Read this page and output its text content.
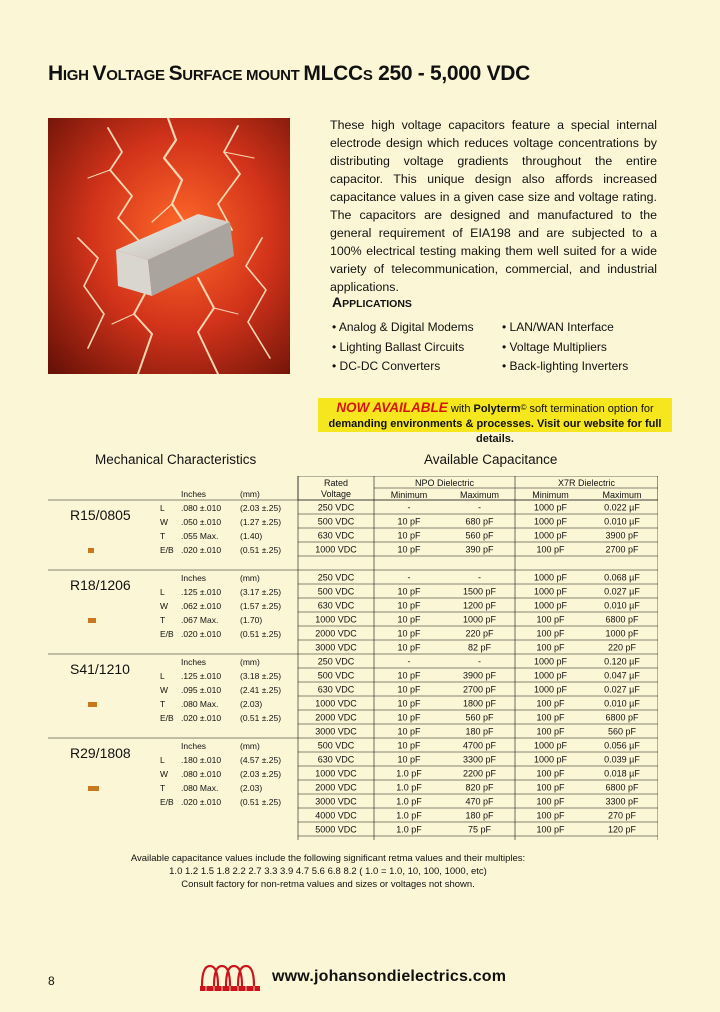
HIGH VOLTAGE SURFACE MOUNT MLCCS 250 - 5,000 VDC
These high voltage capacitors feature a special internal electrode design which reduces voltage concentrations by distributing voltage gradients throughout the entire capacitor. This unique design also affords increased capacitance values in a given case size and voltage rating. The capacitors are designed and manufactured to the general requirement of EIA198 and are subjected to a 100% electrical testing making them well suited for a wide variety of telecommunication, commercial, and industrial applications.
APPLICATIONS
• Analog & Digital Modems
• Lighting Ballast Circuits
• DC-DC Converters
• LAN/WAN Interface
• Voltage Multipliers
• Back-lighting Inverters
NOW AVAILABLE with Polyterm© soft termination option for
demanding environments & processes. Visit our website for full details.
Mechanical Characteristics	Available Capacitance
Rated
Voltage
NPO Dielectric	X7R Dielectric
Minimum	Maximum	Minimum	Maximum
R15/0805
Inches	(mm)
L .080 ±.010 (2.03 ±.25)
W .050 ±.010 (1.27 ±.25)
T .055 Max.	(1.40)
E/B .020 ±.010 (0.51 ±.25)
250 VDC	-	-	1000 pF	0.022 µF
500 VDC	10 pF	680 pF	1000 pF	0.010 µF
630 VDC	10 pF	560 pF	1000 pF	3900 pF
1000 VDC	10 pF	390 pF	100 pF	2700 pF
R18/1206	Inches	(mm)
L .125 ±.010 (3.17 ±.25)
W .062 ±.010 (1.57 ±.25)
T .067 Max.	(1.70)
E/B .020 ±.010 (0.51 ±.25)
250 VDC	-	-	1000 pF	0.068 µF
500 VDC	10 pF	1500 pF	1000 pF	0.027 µF
630 VDC	10 pF	1200 pF	1000 pF	0.010 µF
1000 VDC	10 pF	1000 pF	100 pF	6800 pF
2000 VDC	10 pF	220 pF	100 pF	1000 pF
3000 VDC	10 pF	82 pF	100 pF	220 pF
S41/1210	Inches	(mm)
L .125 ±.010 (3.18 ±.25)
W .095 ±.010 (2.41 ±.25)
T .080 Max.	(2.03)
E/B .020 ±.010 (0.51 ±.25)
250 VDC	-	-	1000 pF	0.120 µF
500 VDC	10 pF	3900 pF	1000 pF	0.047 µF
630 VDC	10 pF	2700 pF	1000 pF	0.027 µF
1000 VDC	10 pF	1800 pF	100 pF	0.010 µF
2000 VDC	10 pF	560 pF	100 pF	6800 pF
3000 VDC	10 pF	180 pF	100 pF	560 pF
R29/1808	Inches	(mm)
L .180 ±.010 (4.57 ±.25)
W .080 ±.010 (2.03 ±.25)
T .080 Max.	(2.03)
E/B .020 ±.010 (0.51 ±.25)
500 VDC	10 pF	4700 pF	1000 pF	0.056 µF
630 VDC	10 pF	3300 pF	1000 pF	0.039 µF
1000 VDC	1.0 pF	2200 pF	100 pF	0.018 µF
2000 VDC	1.0 pF	820 pF	100 pF	6800 pF
3000 VDC	1.0 pF	470 pF	100 pF	3300 pF
4000 VDC	1.0 pF	180 pF	100 pF	270 pF
5000 VDC	1.0 pF	75 pF	100 pF	120 pF
Available capacitance values include the following significant retma values and their multiples:
1.0 1.2 1.5 1.8 2.2 2.7 3.3 3.9 4.7 5.6 6.8 8.2 ( 1.0 = 1.0, 10, 100, 1000, etc)
Consult factory for non-retma values and sizes or voltages not shown.
8	www.johansondielectrics.com
